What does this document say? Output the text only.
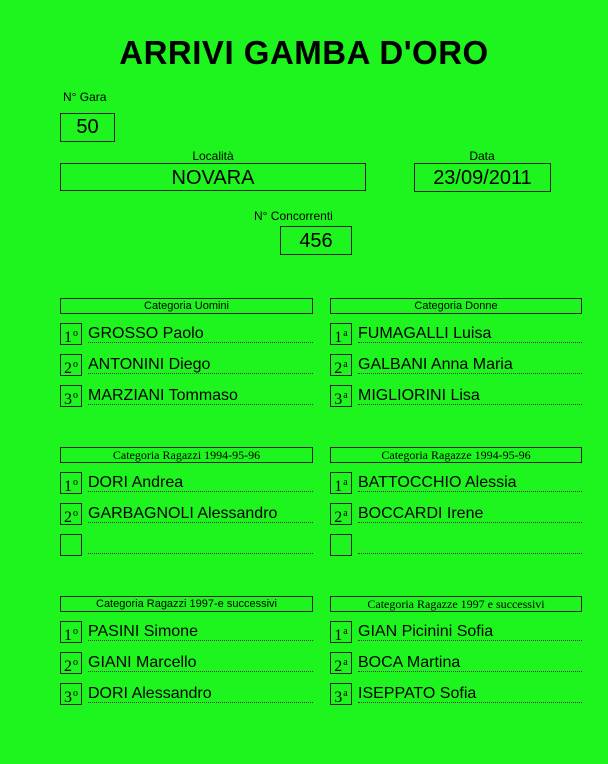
ARRIVI GAMBA D'ORO
N° Gara
50
Località
NOVARA
Data
23/09/2011
N° Concorrenti
456
Categoria Uomini
1$^o$ GROSSO Paolo
2$^o$ ANTONINI Diego
3$^o$ MARZIANI Tommaso
Categoria Donne
1$^a$ FUMAGALLI Luisa
2$^a$ GALBANI Anna Maria
3$^a$ MIGLIORINI Lisa
Categoria Ragazzi 1994-95-96
1$^o$ DORI Andrea
2$^o$ GARBAGNOLI Alessandro
Categoria Ragazze 1994-95-96
1$^a$ BATTOCCHIO Alessia
2$^a$ BOCCARDI Irene
Categoria Ragazzi 1997-e successivi
1$^o$ PASINI Simone
2$^o$ GIANI Marcello
3$^o$ DORI Alessandro
Categoria Ragazze 1997 e successivi
1$^a$ GIAN Picinini Sofia
2$^a$ BOCA Martina
3$^a$ ISEPPATO Sofia
